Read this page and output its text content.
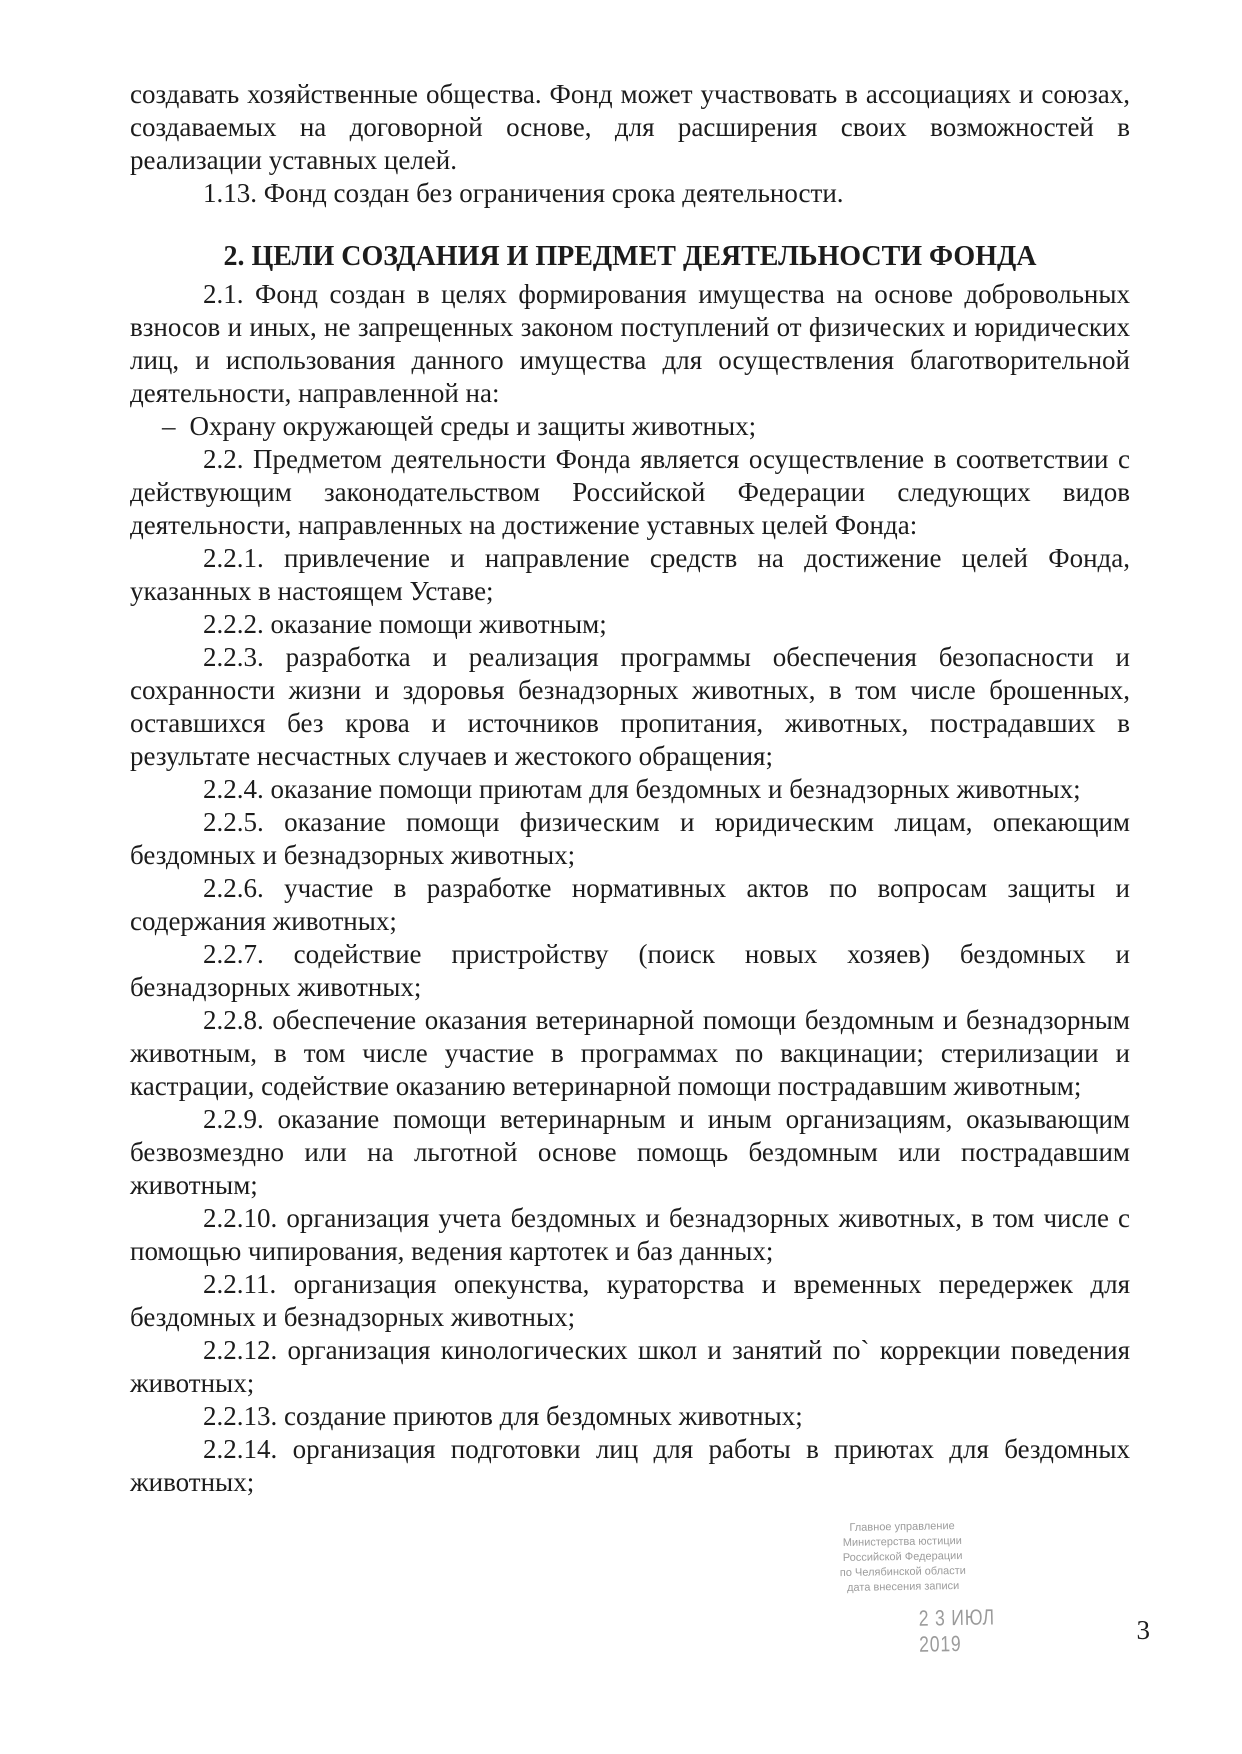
создавать хозяйственные общества. Фонд может участвовать в ассоциациях и союзах, создаваемых на договорной основе, для расширения своих возможностей в реализации уставных целей.

1.13. Фонд создан без ограничения срока деятельности.

2. ЦЕЛИ СОЗДАНИЯ И ПРЕДМЕТ ДЕЯТЕЛЬНОСТИ ФОНДА

2.1. Фонд создан в целях формирования имущества на основе добровольных взносов и иных, не запрещенных законом поступлений от физических и юридических лиц, и использования данного имущества для осуществления благотворительной деятельности, направленной на:

– Охрану окружающей среды и защиты животных;

2.2. Предметом деятельности Фонда является осуществление в соответствии с действующим законодательством Российской Федерации следующих видов деятельности, направленных на достижение уставных целей Фонда:

2.2.1. привлечение и направление средств на достижение целей Фонда, указанных в настоящем Уставе;

2.2.2. оказание помощи животным;

2.2.3. разработка и реализация программы обеспечения безопасности и сохранности жизни и здоровья безнадзорных животных, в том числе брошенных, оставшихся без крова и источников пропитания, животных, пострадавших в результате несчастных случаев и жестокого обращения;

2.2.4. оказание помощи приютам для бездомных и безнадзорных животных;

2.2.5. оказание помощи физическим и юридическим лицам, опекающим бездомных и безнадзорных животных;

2.2.6. участие в разработке нормативных актов по вопросам защиты и содержания животных;

2.2.7. содействие пристройству (поиск новых хозяев) бездомных и безнадзорных животных;

2.2.8. обеспечение оказания ветеринарной помощи бездомным и безнадзорным животным, в том числе участие в программах по вакцинации; стерилизации и кастрации, содействие оказанию ветеринарной помощи пострадавшим животным;

2.2.9. оказание помощи ветеринарным и иным организациям, оказывающим безвозмездно или на льготной основе помощь бездомным или пострадавшим животным;

2.2.10. организация учета бездомных и безнадзорных животных, в том числе с помощью чипирования, ведения картотек и баз данных;

2.2.11. организация опекунства, кураторства и временных передержек для бездомных и безнадзорных животных;

2.2.12. организация кинологических школ и занятий по` коррекции поведения животных;

2.2.13. создание приютов для бездомных животных;

2.2.14. организация подготовки лиц для работы в приютах для бездомных животных;

Главное управление
Министерства юстиции
Российской Федерации
по Челябинской области
дата внесения записи
2 3 ИЮЛ 2019	3
